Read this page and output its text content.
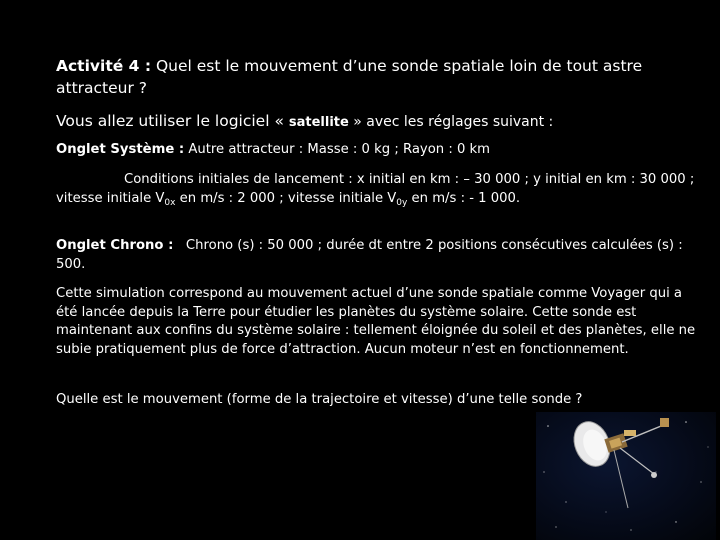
Activité 4 : Quel est le mouvement d’une sonde spatiale loin de tout astre attracteur ?

Vous allez utiliser le logiciel « satellite » avec les réglages suivant :

Onglet Système : Autre attracteur : Masse : 0 kg ; Rayon : 0 km

Conditions initiales de lancement : x initial en km : – 30 000 ; y initial en km : 30 000 ; vitesse initiale $V_{0x}$ en m/s : 2 000 ; vitesse initiale $V_{0y}$ en m/s : - 1 000.

Onglet Chrono : Chrono (s) : 50 000 ; durée dt entre 2 positions consécutives calculées (s) : 500.

Cette simulation correspond au mouvement actuel d’une sonde spatiale comme Voyager qui a été lancée depuis la Terre pour étudier les planètes du système solaire. Cette sonde est maintenant aux confins du système solaire : tellement éloignée du soleil et des planètes, elle ne subie pratiquement plus de force d’attraction. Aucun moteur n’est en fonctionnement.

Quelle est le mouvement (forme de la trajectoire et vitesse) d’une telle sonde ?
